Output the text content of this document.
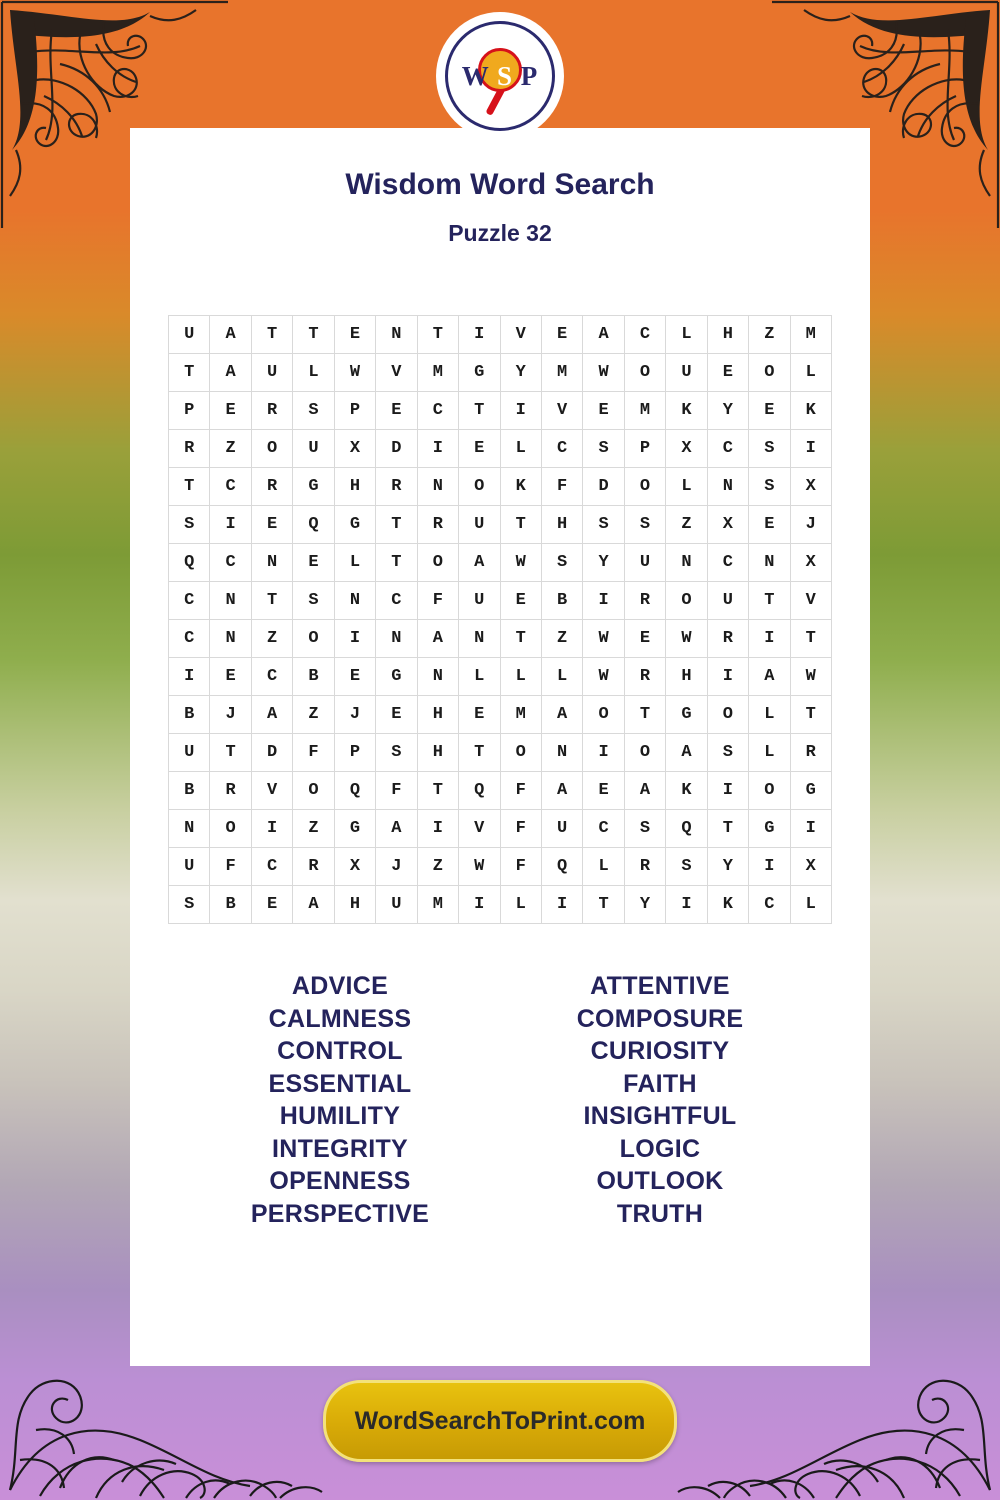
W S P
Wisdom Word Search
Puzzle 32
U	A	T	T	E	N	T	I	V	E	A	C	L	H	Z	M
T	A	U	L	W	V	M	G	Y	M	W	O	U	E	O	L
P	E	R	S	P	E	C	T	I	V	E	M	K	Y	E	K
R	Z	O	U	X	D	I	E	L	C	S	P	X	C	S	I
T	C	R	G	H	R	N	O	K	F	D	O	L	N	S	X
S	I	E	Q	G	T	R	U	T	H	S	S	Z	X	E	J
Q	C	N	E	L	T	O	A	W	S	Y	U	N	C	N	X
C	N	T	S	N	C	F	U	E	B	I	R	O	U	T	V
C	N	Z	O	I	N	A	N	T	Z	W	E	W	R	I	T
I	E	C	B	E	G	N	L	L	L	W	R	H	I	A	W
B	J	A	Z	J	E	H	E	M	A	O	T	G	O	L	T
U	T	D	F	P	S	H	T	O	N	I	O	A	S	L	R
B	R	V	O	Q	F	T	Q	F	A	E	A	K	I	O	G
N	O	I	Z	G	A	I	V	F	U	C	S	Q	T	G	I
U	F	C	R	X	J	Z	W	F	Q	L	R	S	Y	I	X
S	B	E	A	H	U	M	I	L	I	T	Y	I	K	C	L
ADVICE
CALMNESS
CONTROL
ESSENTIAL
HUMILITY
INTEGRITY
OPENNESS
PERSPECTIVE
ATTENTIVE
COMPOSURE
CURIOSITY
FAITH
INSIGHTFUL
LOGIC
OUTLOOK
TRUTH
WordSearchToPrint.com
